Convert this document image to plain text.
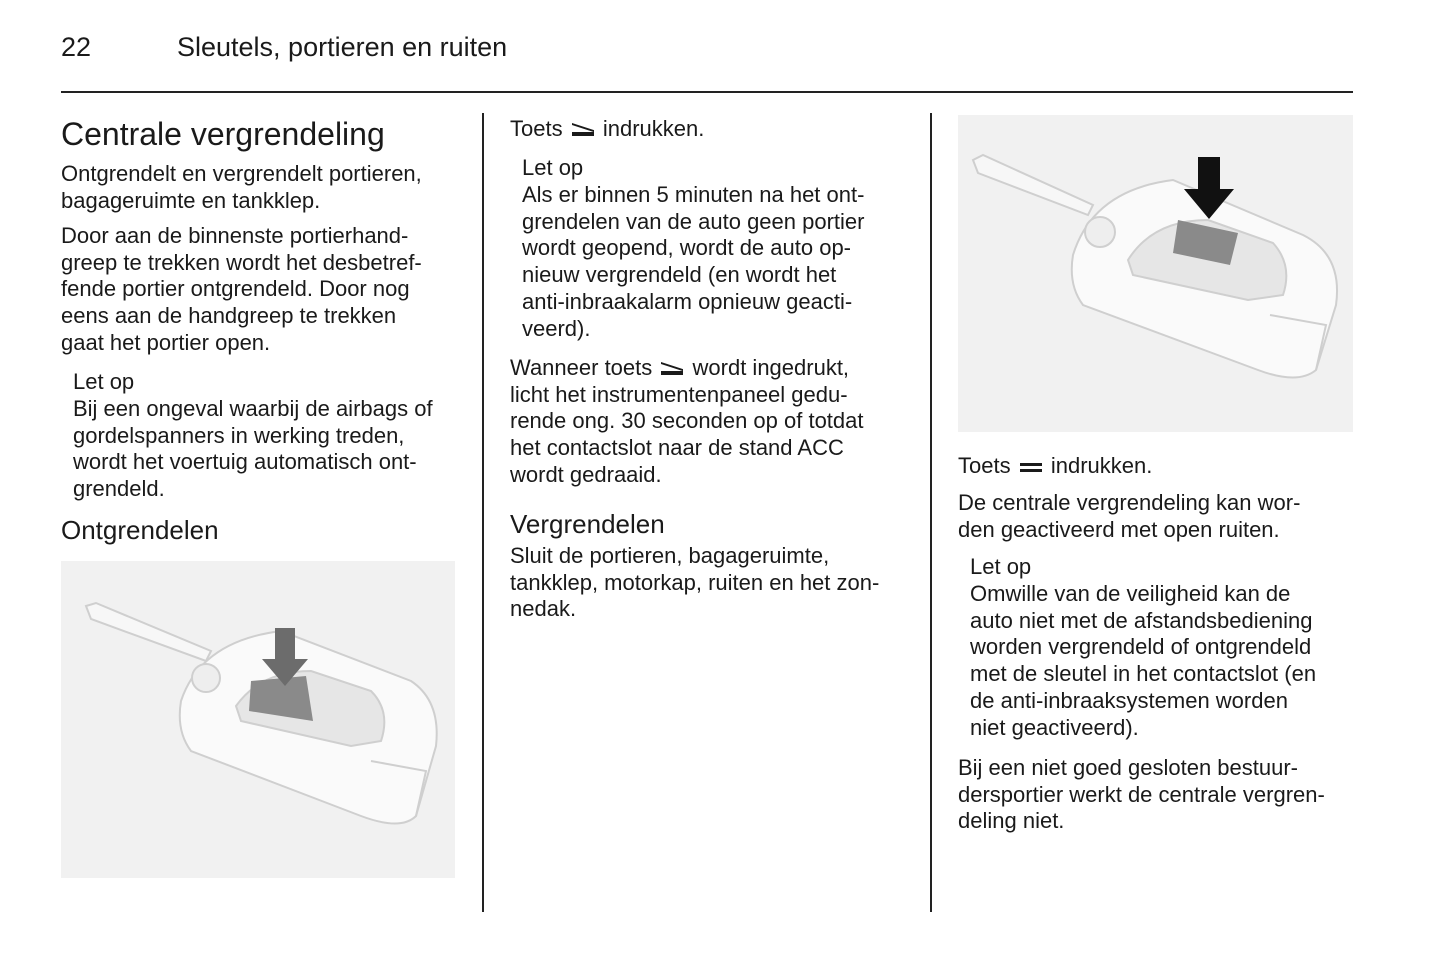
22	Sleutels, portieren en ruiten
Centrale vergrendeling
Ontgrendelt en vergrendelt portieren,
bagageruimte en tankklep.
Door aan de binnenste portierhand-
greep te trekken wordt het desbetref-
fende portier ontgrendeld. Door nog
eens aan de handgreep te trekken
gaat het portier open.
Let op
Bij een ongeval waarbij de airbags of
gordelspanners in werking treden,
wordt het voertuig automatisch ont-
grendeld.
Ontgrendelen
Toets indrukken.
Let op
Als er binnen 5 minuten na het ont-
grendelen van de auto geen portier
wordt geopend, wordt de auto op-
nieuw vergrendeld (en wordt het
anti-inbraakalarm opnieuw geacti-
veerd).
Wanneer toets wordt ingedrukt,
licht het instrumentenpaneel gedu-
rende ong. 30 seconden op of totdat
het contactslot naar de stand ACC
wordt gedraaid.
Vergrendelen
Sluit de portieren, bagageruimte,
tankklep, motorkap, ruiten en het zon-
nedak.
Toets indrukken.
De centrale vergrendeling kan wor-
den geactiveerd met open ruiten.
Let op
Omwille van de veiligheid kan de
auto niet met de afstandsbediening
worden vergrendeld of ontgrendeld
met de sleutel in het contactslot (en
de anti-inbraaksystemen worden
niet geactiveerd).
Bij een niet goed gesloten bestuur-
dersportier werkt de centrale vergren-
deling niet.
